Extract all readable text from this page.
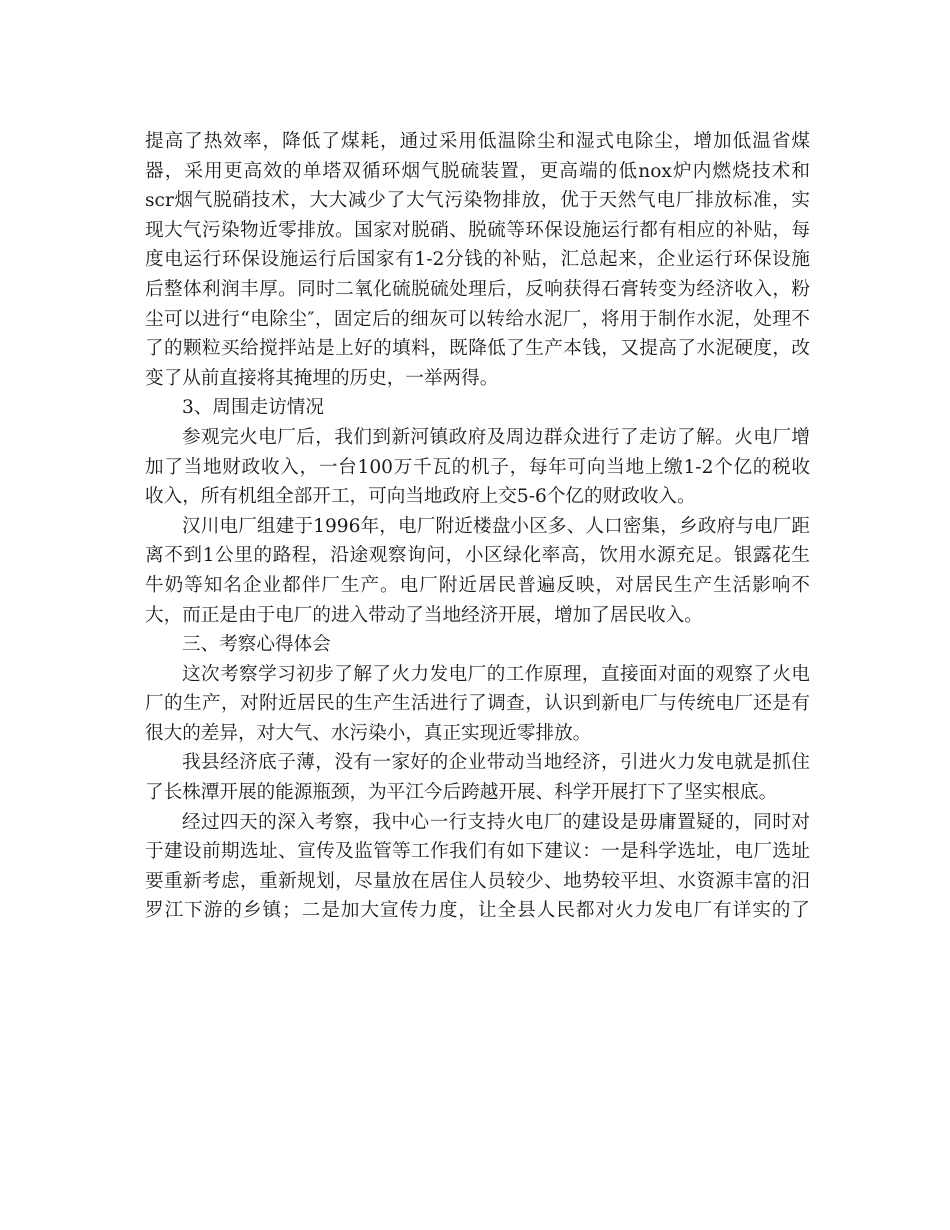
提高了热效率，降低了煤耗，通过采用低温除尘和湿式电除尘，增加低温省煤
器，采用更高效的单塔双循环烟气脱硫装置，更高端的低nox炉内燃烧技术和
scr烟气脱硝技术，大大减少了大气污染物排放，优于天然气电厂排放标准，实
现大气污染物近零排放。国家对脱硝、脱硫等环保设施运行都有相应的补贴，每
度电运行环保设施运行后国家有1-2分钱的补贴，汇总起来，企业运行环保设施
后整体利润丰厚。同时二氧化硫脱硫处理后，反响获得石膏转变为经济收入，粉
尘可以进行“电除尘″，固定后的细灰可以转给水泥厂，将用于制作水泥，处理不
了的颗粒买给搅拌站是上好的填料，既降低了生产本钱，又提高了水泥硬度，改
变了从前直接将其掩埋的历史，一举两得。
3、周围走访情况
参观完火电厂后，我们到新河镇政府及周边群众进行了走访了解。火电厂增
加了当地财政收入，一台100万千瓦的机子，每年可向当地上缴1-2个亿的税收
收入，所有机组全部开工，可向当地政府上交5-6个亿的财政收入。
汉川电厂组建于1996年，电厂附近楼盘小区多、人口密集，乡政府与电厂距
离不到1公里的路程，沿途观察询问，小区绿化率高，饮用水源充足。银露花生
牛奶等知名企业都伴厂生产。电厂附近居民普遍反映，对居民生产生活影响不
大，而正是由于电厂的进入带动了当地经济开展，增加了居民收入。
三、考察心得体会
这次考察学习初步了解了火力发电厂的工作原理，直接面对面的观察了火电
厂的生产，对附近居民的生产生活进行了调查，认识到新电厂与传统电厂还是有
很大的差异，对大气、水污染小，真正实现近零排放。
我县经济底子薄，没有一家好的企业带动当地经济，引进火力发电就是抓住
了长株潭开展的能源瓶颈，为平江今后跨越开展、科学开展打下了坚实根底。
经过四天的深入考察，我中心一行支持火电厂的建设是毋庸置疑的，同时对
于建设前期选址、宣传及监管等工作我们有如下建议：一是科学选址，电厂选址
要重新考虑，重新规划，尽量放在居住人员较少、地势较平坦、水资源丰富的汨
罗江下游的乡镇；二是加大宣传力度，让全县人民都对火力发电厂有详实的了
